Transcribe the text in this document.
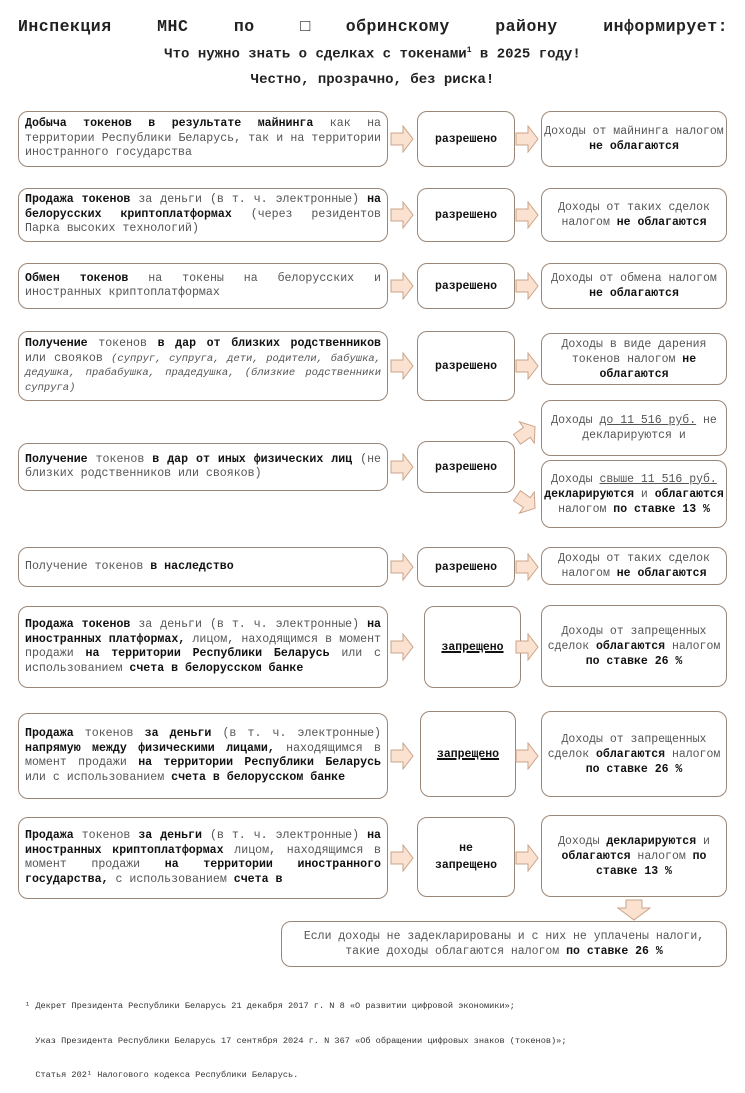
Инспекция	МНС	по	□обринскому	району	информирует:
Что нужно знать о сделках с токенами$^1$ в 2025 году!
Честно, прозрачно, без риска!
Добыча токенов в результате майнинга как на территории Республики Беларусь, так и на территории иностранного государства
разрешено
Доходы от майнинга налогом не облагаются
Продажа токенов за деньги (в т. ч. электронные) на белорусских криптоплатформах (через резидентов Парка высоких технологий)
разрешено
Доходы от таких сделок налогом не облагаются
Обмен токенов на токены на белорусских и иностранных криптоплатформах	разрешено
Доходы от обмена налогом не облагаются
Получение токенов в дар от близких родственников или свояков (супруг, супруга, дети, родители, бабушка, дедушка, прабабушка, прадедушка, (близкие родственники супруга)
разрешено
Доходы в виде дарения токенов налогом не облагаются
Получение токенов в дар от иных физических лиц (не близких родственников или свояков)	разрешено
Доходы до 11 516 руб. не декларируются и
Доходы свыше 11 516 руб. декларируются и облагаются налогом по ставке 13 %
Получение токенов в наследство	разрешено
Доходы от таких сделок налогом не облагаются
Продажа токенов за деньги (в т. ч. электронные) на иностранных платформах, лицом, находящимся в момент продажи на территории Республики Беларусь или с использованием счета в белорусском банке
запрещено
Доходы от запрещенных сделок облагаются налогом по ставке 26 %
Продажа токенов за деньги (в т. ч. электронные) напрямую между физическими лицами, находящимся в момент продажи на территории Республики Беларусь или с использованием счета в белорусском банке
запрещено
Доходы от запрещенных сделок облагаются налогом по ставке 26 %
Продажа токенов за деньги (в т. ч. электронные) на иностранных криптоплатформах лицом, находящимся в момент продажи на территории иностранного государства, с использованием счета в
не
запрещено
Доходы декларируются и облагаются налогом по ставке 13 %
Если доходы не задекларированы и с них не уплачены налоги, такие доходы облагаются налогом по ставке 26 %

¹ Декрет Президента Республики Беларусь 21 декабря 2017 г. N 8 «О развитии цифровой экономики»;

Указ Президента Республики Беларусь 17 сентября 2024 г. N 367 «Об обращении цифровых знаков (токенов)»;

Статья 202¹ Налогового кодекса Республики Беларусь.
